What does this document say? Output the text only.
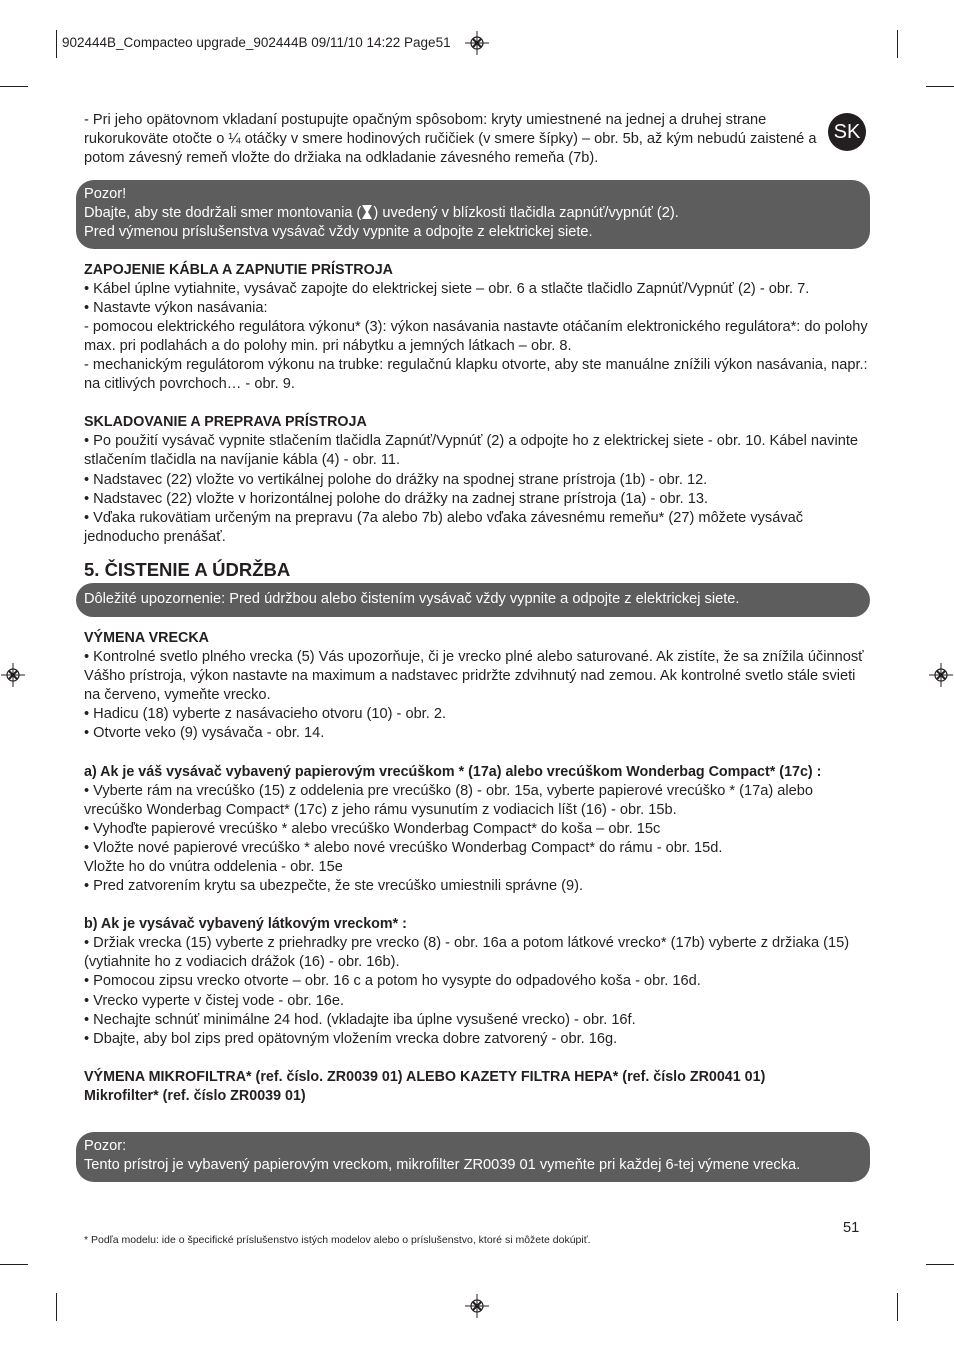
902444B_Compacteo upgrade_902444B 09/11/10 14:22 Page51
SK

- Pri jeho opätovnom vkladaní postupujte opačným spôsobom: kryty umiestnené na jednej a druhej strane rukorukoväte otočte o ¼ otáčky v smere hodinových ručičiek (v smere šípky) – obr. 5b, až kým nebudú zaistené a potom závesný remeň vložte do držiaka na odkladanie závesného remeňa (7b).

Pozor!

Dbajte, aby ste dodržali smer montovania ( ) uvedený v blízkosti tlačidla zapnúť/vypnúť (2).

Pred výmenou príslušenstva vysávač vždy vypnite a odpojte z elektrickej siete.

ZAPOJENIE KÁBLA A ZAPNUTIE PRÍSTROJA

• Kábel úplne vytiahnite, vysávač zapojte do elektrickej siete – obr. 6 a stlačte tlačidlo Zapnúť/Vypnúť (2) - obr. 7.

• Nastavte výkon nasávania:

- pomocou elektrického regulátora výkonu* (3): výkon nasávania nastavte otáčaním elektronického regulátora*: do polohy max. pri podlahách a do polohy min. pri nábytku a jemných látkach – obr. 8.

- mechanickým regulátorom výkonu na trubke: regulačnú klapku otvorte, aby ste manuálne znížili výkon nasávania, napr.: na citlivých povrchoch… - obr. 9.

SKLADOVANIE A PREPRAVA PRÍSTROJA

• Po použití vysávač vypnite stlačením tlačidla Zapnúť/Vypnúť (2) a odpojte ho z elektrickej siete - obr. 10. Kábel navinte stlačením tlačidla na navíjanie kábla (4) - obr. 11.

• Nadstavec (22) vložte vo vertikálnej polohe do drážky na spodnej strane prístroja (1b) - obr. 12.

• Nadstavec (22) vložte v horizontálnej polohe do drážky na zadnej strane prístroja (1a) - obr. 13.

• Vďaka rukovätiam určeným na prepravu (7a alebo 7b) alebo vďaka závesnému remeňu* (27) môžete vysávač jednoducho prenášať.

5. ČISTENIE A ÚDRŽBA

Dôležité upozornenie: Pred údržbou alebo čistením vysávač vždy vypnite a odpojte z elektrickej siete.

VÝMENA VRECKA

• Kontrolné svetlo plného vrecka (5) Vás upozorňuje, či je vrecko plné alebo saturované. Ak zistíte, že sa znížila účinnosť Vášho prístroja, výkon nastavte na maximum a nadstavec pridržte zdvihnutý nad zemou. Ak kontrolné svetlo stále svieti na červeno, vymeňte vrecko.

• Hadicu (18) vyberte z nasávacieho otvoru (10) - obr. 2.

• Otvorte veko (9) vysávača - obr. 14.

a) Ak je váš vysávač vybavený papierovým vrecúškom * (17a) alebo vrecúškom Wonderbag Compact* (17c) :

• Vyberte rám na vrecúško (15) z oddelenia pre vrecúško (8) - obr. 15a, vyberte papierové vrecúško * (17a) alebo vrecúško Wonderbag Compact* (17c) z jeho rámu vysunutím z vodiacich líšt (16) - obr. 15b.

• Vyhoďte papierové vrecúško * alebo vrecúško Wonderbag Compact* do koša – obr. 15c

• Vložte nové papierové vrecúško * alebo nové vrecúško Wonderbag Compact* do rámu - obr. 15d.

Vložte ho do vnútra oddelenia - obr. 15e

• Pred zatvorením krytu sa ubezpečte, že ste vrecúško umiestnili správne (9).

b) Ak je vysávač vybavený látkovým vreckom* :

• Držiak vrecka (15) vyberte z priehradky pre vrecko (8) - obr. 16a a potom látkové vrecko* (17b) vyberte z držiaka (15) (vytiahnite ho z vodiacich drážok (16) - obr. 16b).

• Pomocou zipsu vrecko otvorte – obr. 16 c a potom ho vysypte do odpadového koša - obr. 16d.

• Vrecko vyperte v čistej vode - obr. 16e.

• Nechajte schnúť minimálne 24 hod. (vkladajte iba úplne vysušené vrecko) - obr. 16f.

• Dbajte, aby bol zips pred opätovným vložením vrecka dobre zatvorený - obr. 16g.

VÝMENA MIKROFILTRA* (ref. číslo. ZR0039 01) ALEBO KAZETY FILTRA HEPA* (ref. číslo ZR0041 01)

Mikrofilter* (ref. číslo ZR0039 01)

Pozor:

Tento prístroj je vybavený papierovým vreckom, mikrofilter ZR0039 01 vymeňte pri každej 6-tej výmene vrecka.

51
* Podľa modelu: ide o špecifické príslušenstvo istých modelov alebo o príslušenstvo, ktoré si môžete dokúpiť.
